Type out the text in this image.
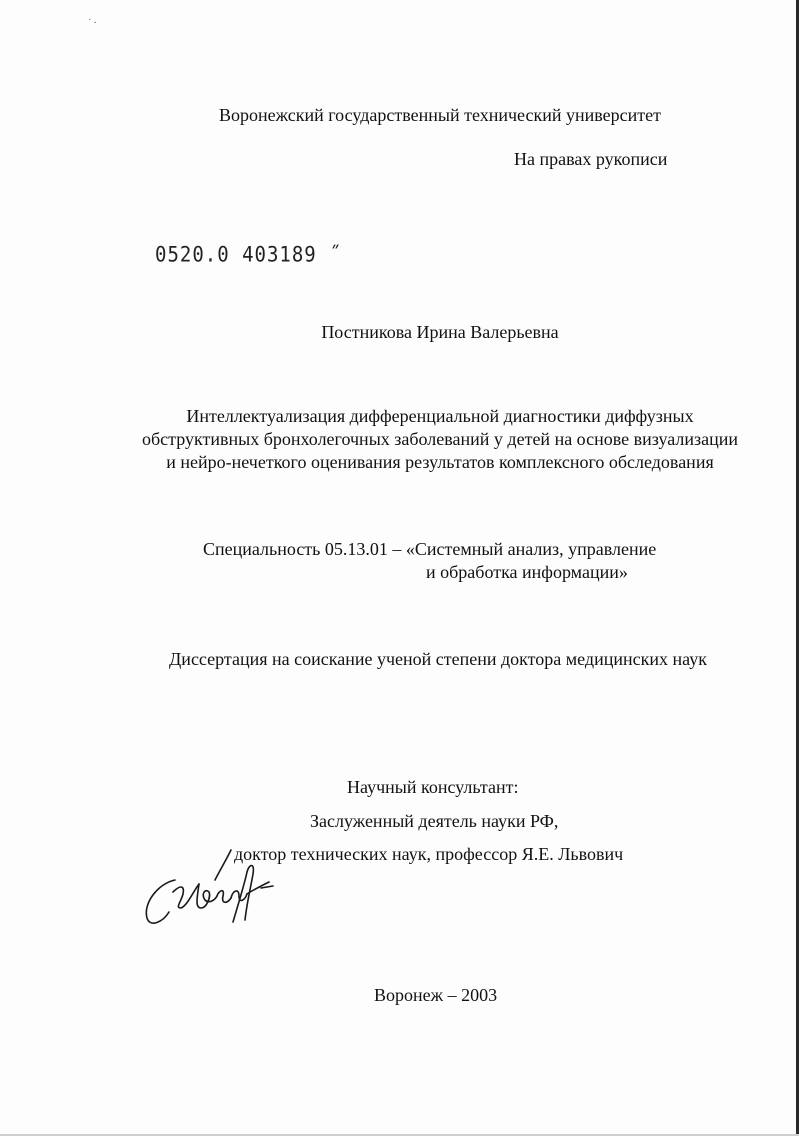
˙·
Воронежский государственный технический университет
На правах рукописи
0520.0 403189 ˝
Постникова Ирина Валерьевна
Интеллектуализация дифференциальной диагностики диффузных
обструктивных бронхолегочных заболеваний у детей на основе визуализации
и нейро-нечеткого оценивания результатов комплексного обследования
Специальность 05.13.01 – «Системный анализ, управление
и обработка информации»
Диссертация на соискание ученой степени доктора медицинских наук
Научный консультант:
Заслуженный деятель науки РФ,
доктор технических наук, профессор Я.Е. Львович
Воронеж – 2003
